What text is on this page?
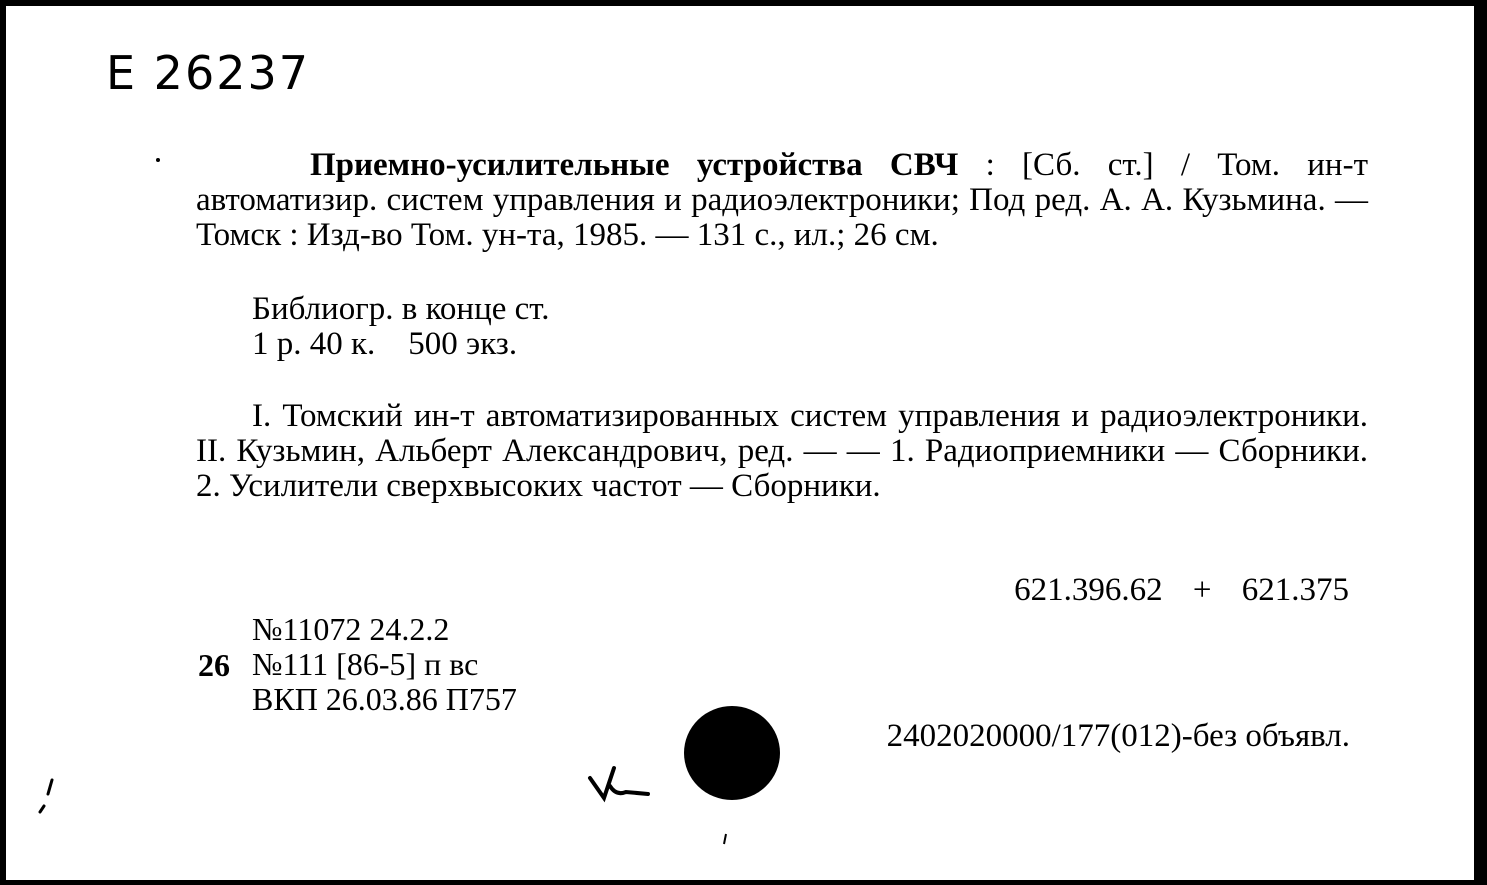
Е 26237
Приемно-усилительные устройства СВЧ : [Сб. ст.] / Том. ин-т автоматизир. систем управления и радиоэлектроники; Под ред. А. А. Кузьмина. — Томск : Изд-во Том. ун-та, 1985. — 131 с., ил.; 26 см.
Библиогр. в конце ст.
1 р. 40 к.    500 экз.
I. Томский ин-т автоматизированных систем управления и радиоэлектроники. II. Кузьмин, Альберт Александрович, ред. — — 1. Радиоприемники — Сборники. 2. Усилители сверхвысоких частот — Сборники.
621.396.62 + 621.375
№11072 24.2.2
26 №111 [86-5] п вс
ВКП 26.03.86 П757
2402020000/177(012)-без объявл.
